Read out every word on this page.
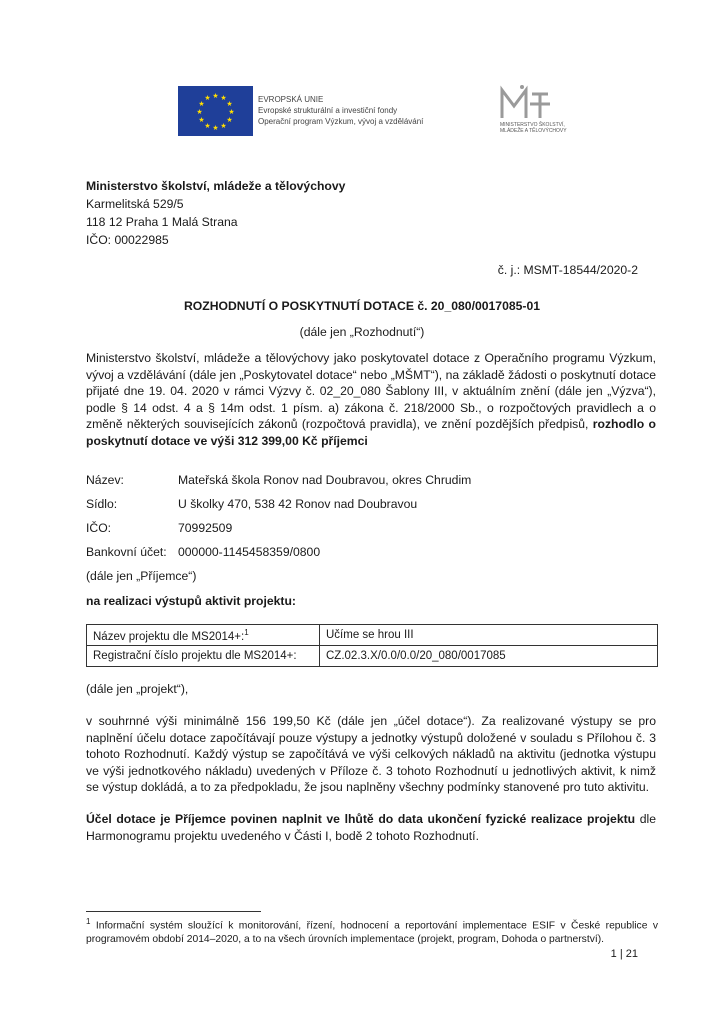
★ ★
★
★
★
★
★
★
★
★
★
★	EVROPSKÁ UNIE
Evropské strukturální a investiční fondy
Operační program Výzkum, vývoj a vzdělávání	MINISTERSTVO ŠKOLSTVÍ,
MLÁDEŽE A TĚLOVÝCHOVY
Ministerstvo školství, mládeže a tělovýchovy
Karmelitská 529/5
118 12 Praha 1 Malá Strana
IČO: 00022985
č. j.: MSMT-18544/2020-2
ROZHODNUTÍ O POSKYTNUTÍ DOTACE č. 20_080/0017085-01
(dále jen „Rozhodnutí“)
Ministerstvo školství, mládeže a tělovýchovy jako poskytovatel dotace z Operačního programu Výzkum, vývoj a vzdělávání (dále jen „Poskytovatel dotace“ nebo „MŠMT“), na základě žádosti o poskytnutí dotace přijaté dne 19. 04. 2020 v rámci Výzvy č. 02_20_080 Šablony III, v aktuálním znění (dále jen „Výzva“), podle § 14 odst. 4 a § 14m odst. 1 písm. a) zákona č. 218/2000 Sb., o rozpočtových pravidlech a o změně některých souvisejících zákonů (rozpočtová pravidla), ve znění pozdějších předpisů, rozhodlo o poskytnutí dotace ve výši 312 399,00 Kč příjemci
Název:	Mateřská škola Ronov nad Doubravou, okres Chrudim
Sídlo:	U školky 470, 538 42 Ronov nad Doubravou
IČO:	70992509
Bankovní účet: 000000-1145458359/0800
(dále jen „Příjemce“)
na realizaci výstupů aktivit projektu:
Název projektu dle MS2014+:$^1$	Učíme se hrou III
Registrační číslo projektu dle MS2014+:	CZ.02.3.X/0.0/0.0/20_080/0017085
(dále jen „projekt“),
v souhrnné výši minimálně 156 199,50 Kč (dále jen „účel dotace“). Za realizované výstupy se pro naplnění účelu dotace započítávají pouze výstupy a jednotky výstupů doložené v souladu s Přílohou č. 3 tohoto Rozhodnutí. Každý výstup se započítává ve výši celkových nákladů na aktivitu (jednotka výstupu ve výši jednotkového nákladu) uvedených v Příloze č. 3 tohoto Rozhodnutí u jednotlivých aktivit, k nimž se výstup dokládá, a to za předpokladu, že jsou naplněny všechny podmínky stanovené pro tuto aktivitu.
Účel dotace je Příjemce povinen naplnit ve lhůtě do data ukončení fyzické realizace projektu dle Harmonogramu projektu uvedeného v Části I, bodě 2 tohoto Rozhodnutí.
$^1$ Informační systém sloužící k monitorování, řízení, hodnocení a reportování implementace ESIF v České republice v programovém období 2014–2020, a to na všech úrovních implementace (projekt, program, Dohoda o partnerství).
1 | 21
